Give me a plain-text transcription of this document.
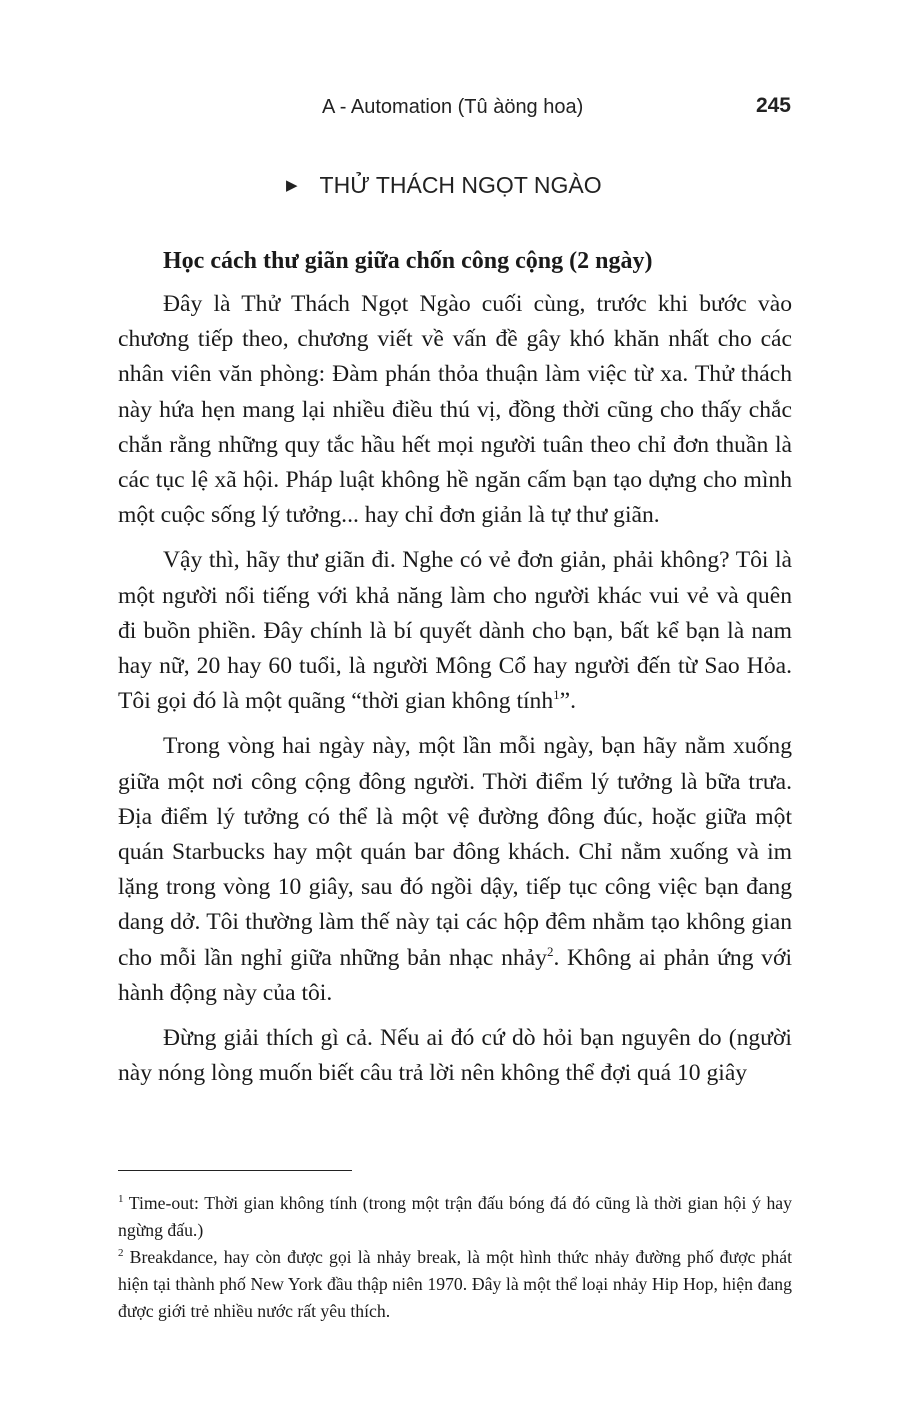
A - Automation (Tû àöng hoa)	245
▶ THỬ THÁCH NGỌT NGÀO
Học cách thư giãn giữa chốn công cộng (2 ngày)

Đây là Thử Thách Ngọt Ngào cuối cùng, trước khi bước vào chương tiếp theo, chương viết về vấn đề gây khó khăn nhất cho các nhân viên văn phòng: Đàm phán thỏa thuận làm việc từ xa. Thử thách này hứa hẹn mang lại nhiều điều thú vị, đồng thời cũng cho thấy chắc chắn rằng những quy tắc hầu hết mọi người tuân theo chỉ đơn thuần là các tục lệ xã hội. Pháp luật không hề ngăn cấm bạn tạo dựng cho mình một cuộc sống lý tưởng... hay chỉ đơn giản là tự thư giãn.

Vậy thì, hãy thư giãn đi. Nghe có vẻ đơn giản, phải không? Tôi là một người nổi tiếng với khả năng làm cho người khác vui vẻ và quên đi buồn phiền. Đây chính là bí quyết dành cho bạn, bất kể bạn là nam hay nữ, 20 hay 60 tuổi, là người Mông Cổ hay người đến từ Sao Hỏa. Tôi gọi đó là một quãng “thời gian không tính$^1$”.

Trong vòng hai ngày này, một lần mỗi ngày, bạn hãy nằm xuống giữa một nơi công cộng đông người. Thời điểm lý tưởng là bữa trưa. Địa điểm lý tưởng có thể là một vệ đường đông đúc, hoặc giữa một quán Starbucks hay một quán bar đông khách. Chỉ nằm xuống và im lặng trong vòng 10 giây, sau đó ngồi dậy, tiếp tục công việc bạn đang dang dở. Tôi thường làm thế này tại các hộp đêm nhằm tạo không gian cho mỗi lần nghỉ giữa những bản nhạc nhảy$^2$. Không ai phản ứng với hành động này của tôi.

Đừng giải thích gì cả. Nếu ai đó cứ dò hỏi bạn nguyên do (người này nóng lòng muốn biết câu trả lời nên không thể đợi quá 10 giây

$^1$ Time-out: Thời gian không tính (trong một trận đấu bóng đá đó cũng là thời gian hội ý hay ngừng đấu.)

$^2$ Breakdance, hay còn được gọi là nhảy break, là một hình thức nhảy đường phố được phát hiện tại thành phố New York đầu thập niên 1970. Đây là một thể loại nhảy Hip Hop, hiện đang được giới trẻ nhiều nước rất yêu thích.
